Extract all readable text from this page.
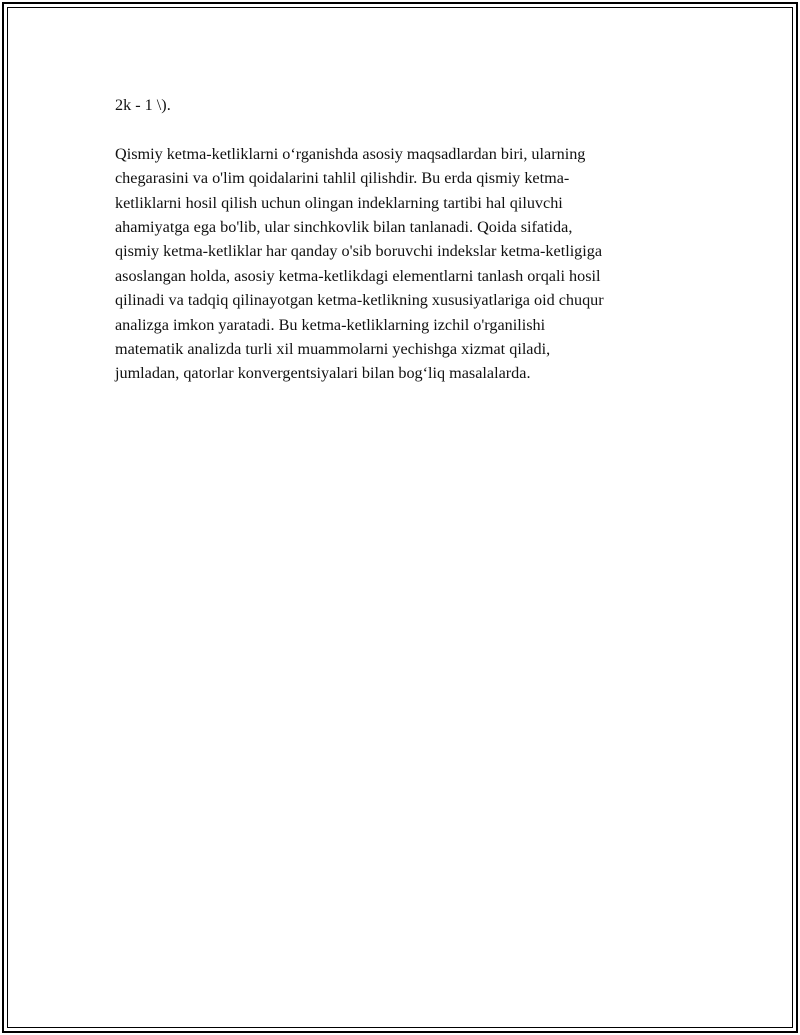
2k - 1 \).
Qismiy ketma-ketliklarni o‘rganishda asosiy maqsadlardan biri, ularning
chegarasini va o'lim qoidalarini tahlil qilishdir. Bu erda qismiy ketma-
ketliklarni hosil qilish uchun olingan indeklarning tartibi hal qiluvchi
ahamiyatga ega bo'lib, ular sinchkovlik bilan tanlanadi. Qoida sifatida,
qismiy ketma-ketliklar har qanday o'sib boruvchi indekslar ketma-ketligiga
asoslangan holda, asosiy ketma-ketlikdagi elementlarni tanlash orqali hosil
qilinadi va tadqiq qilinayotgan ketma-ketlikning xususiyatlariga oid chuqur
analizga imkon yaratadi. Bu ketma-ketliklarning izchil o'rganilishi
matematik analizda turli xil muammolarni yechishga xizmat qiladi,
jumladan, qatorlar konvergentsiyalari bilan bog‘liq masalalarda.
